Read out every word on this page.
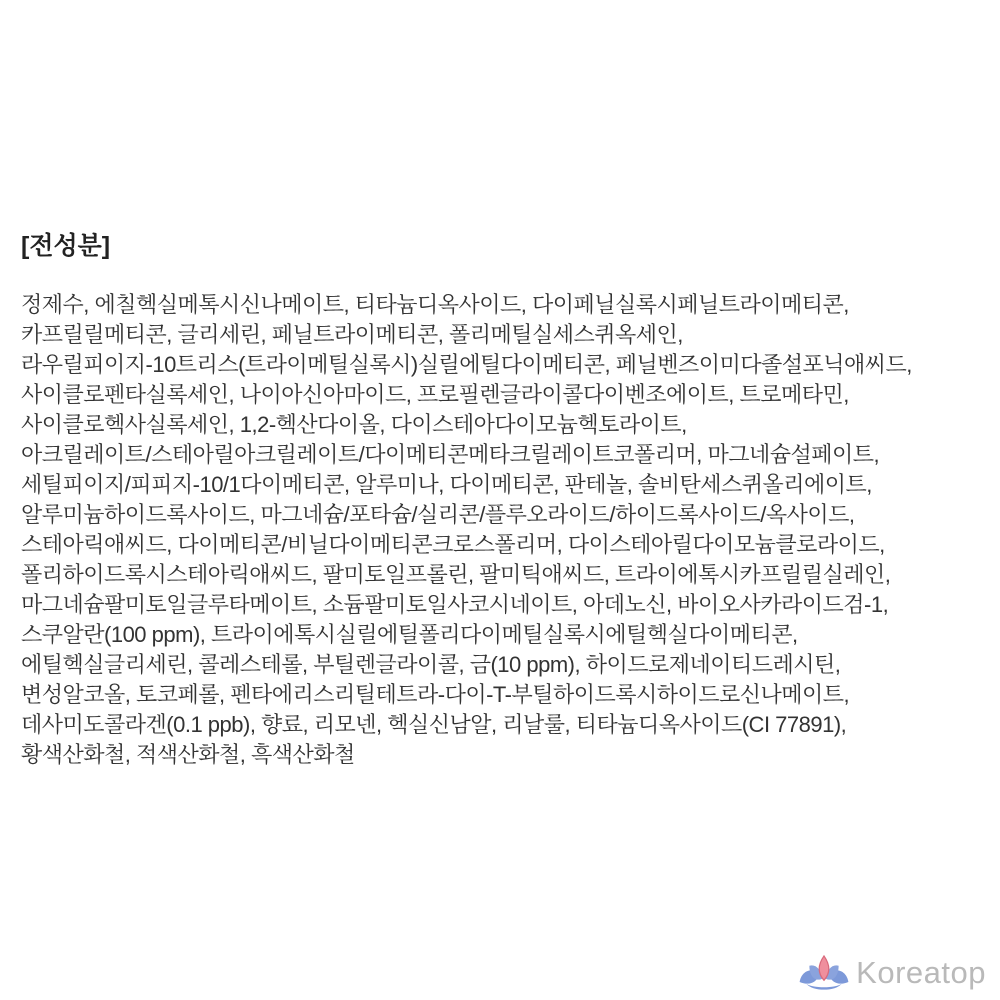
[전성분]
정제수, 에칠헥실메톡시신나메이트, 티타늄디옥사이드, 다이페닐실록시페닐트라이메티콘,
카프릴릴메티콘, 글리세린, 페닐트라이메티콘, 폴리메틸실세스퀴옥세인,
라우릴피이지-10트리스(트라이메틸실록시)실릴에틸다이메티콘, 페닐벤즈이미다졸설포닉애씨드,
사이클로펜타실록세인, 나이아신아마이드, 프로필렌글라이콜다이벤조에이트, 트로메타민,
사이클로헥사실록세인, 1,2-헥산다이올, 다이스테아다이모늄헥토라이트,
아크릴레이트/스테아릴아크릴레이트/다이메티콘메타크릴레이트코폴리머, 마그네슘설페이트,
세틸피이지/피피지-10/1다이메티콘, 알루미나, 다이메티콘, 판테놀, 솔비탄세스퀴올리에이트,
알루미늄하이드록사이드, 마그네슘/포타슘/실리콘/플루오라이드/하이드록사이드/옥사이드,
스테아릭애씨드, 다이메티콘/비닐다이메티콘크로스폴리머, 다이스테아릴다이모늄클로라이드,
폴리하이드록시스테아릭애씨드, 팔미토일프롤린, 팔미틱애씨드, 트라이에톡시카프릴릴실레인,
마그네슘팔미토일글루타메이트, 소듐팔미토일사코시네이트, 아데노신, 바이오사카라이드검-1,
스쿠알란(100 ppm), 트라이에톡시실릴에틸폴리다이메틸실록시에틸헥실다이메티콘,
에틸헥실글리세린, 콜레스테롤, 부틸렌글라이콜, 금(10 ppm), 하이드로제네이티드레시틴,
변성알코올, 토코페롤, 펜타에리스리틸테트라-다이-T-부틸하이드록시하이드로신나메이트,
데사미도콜라겐(0.1 ppb), 향료, 리모넨, 헥실신남알, 리날룰, 티타늄디옥사이드(CI 77891),
황색산화철, 적색산화철, 흑색산화철
Koreatop
